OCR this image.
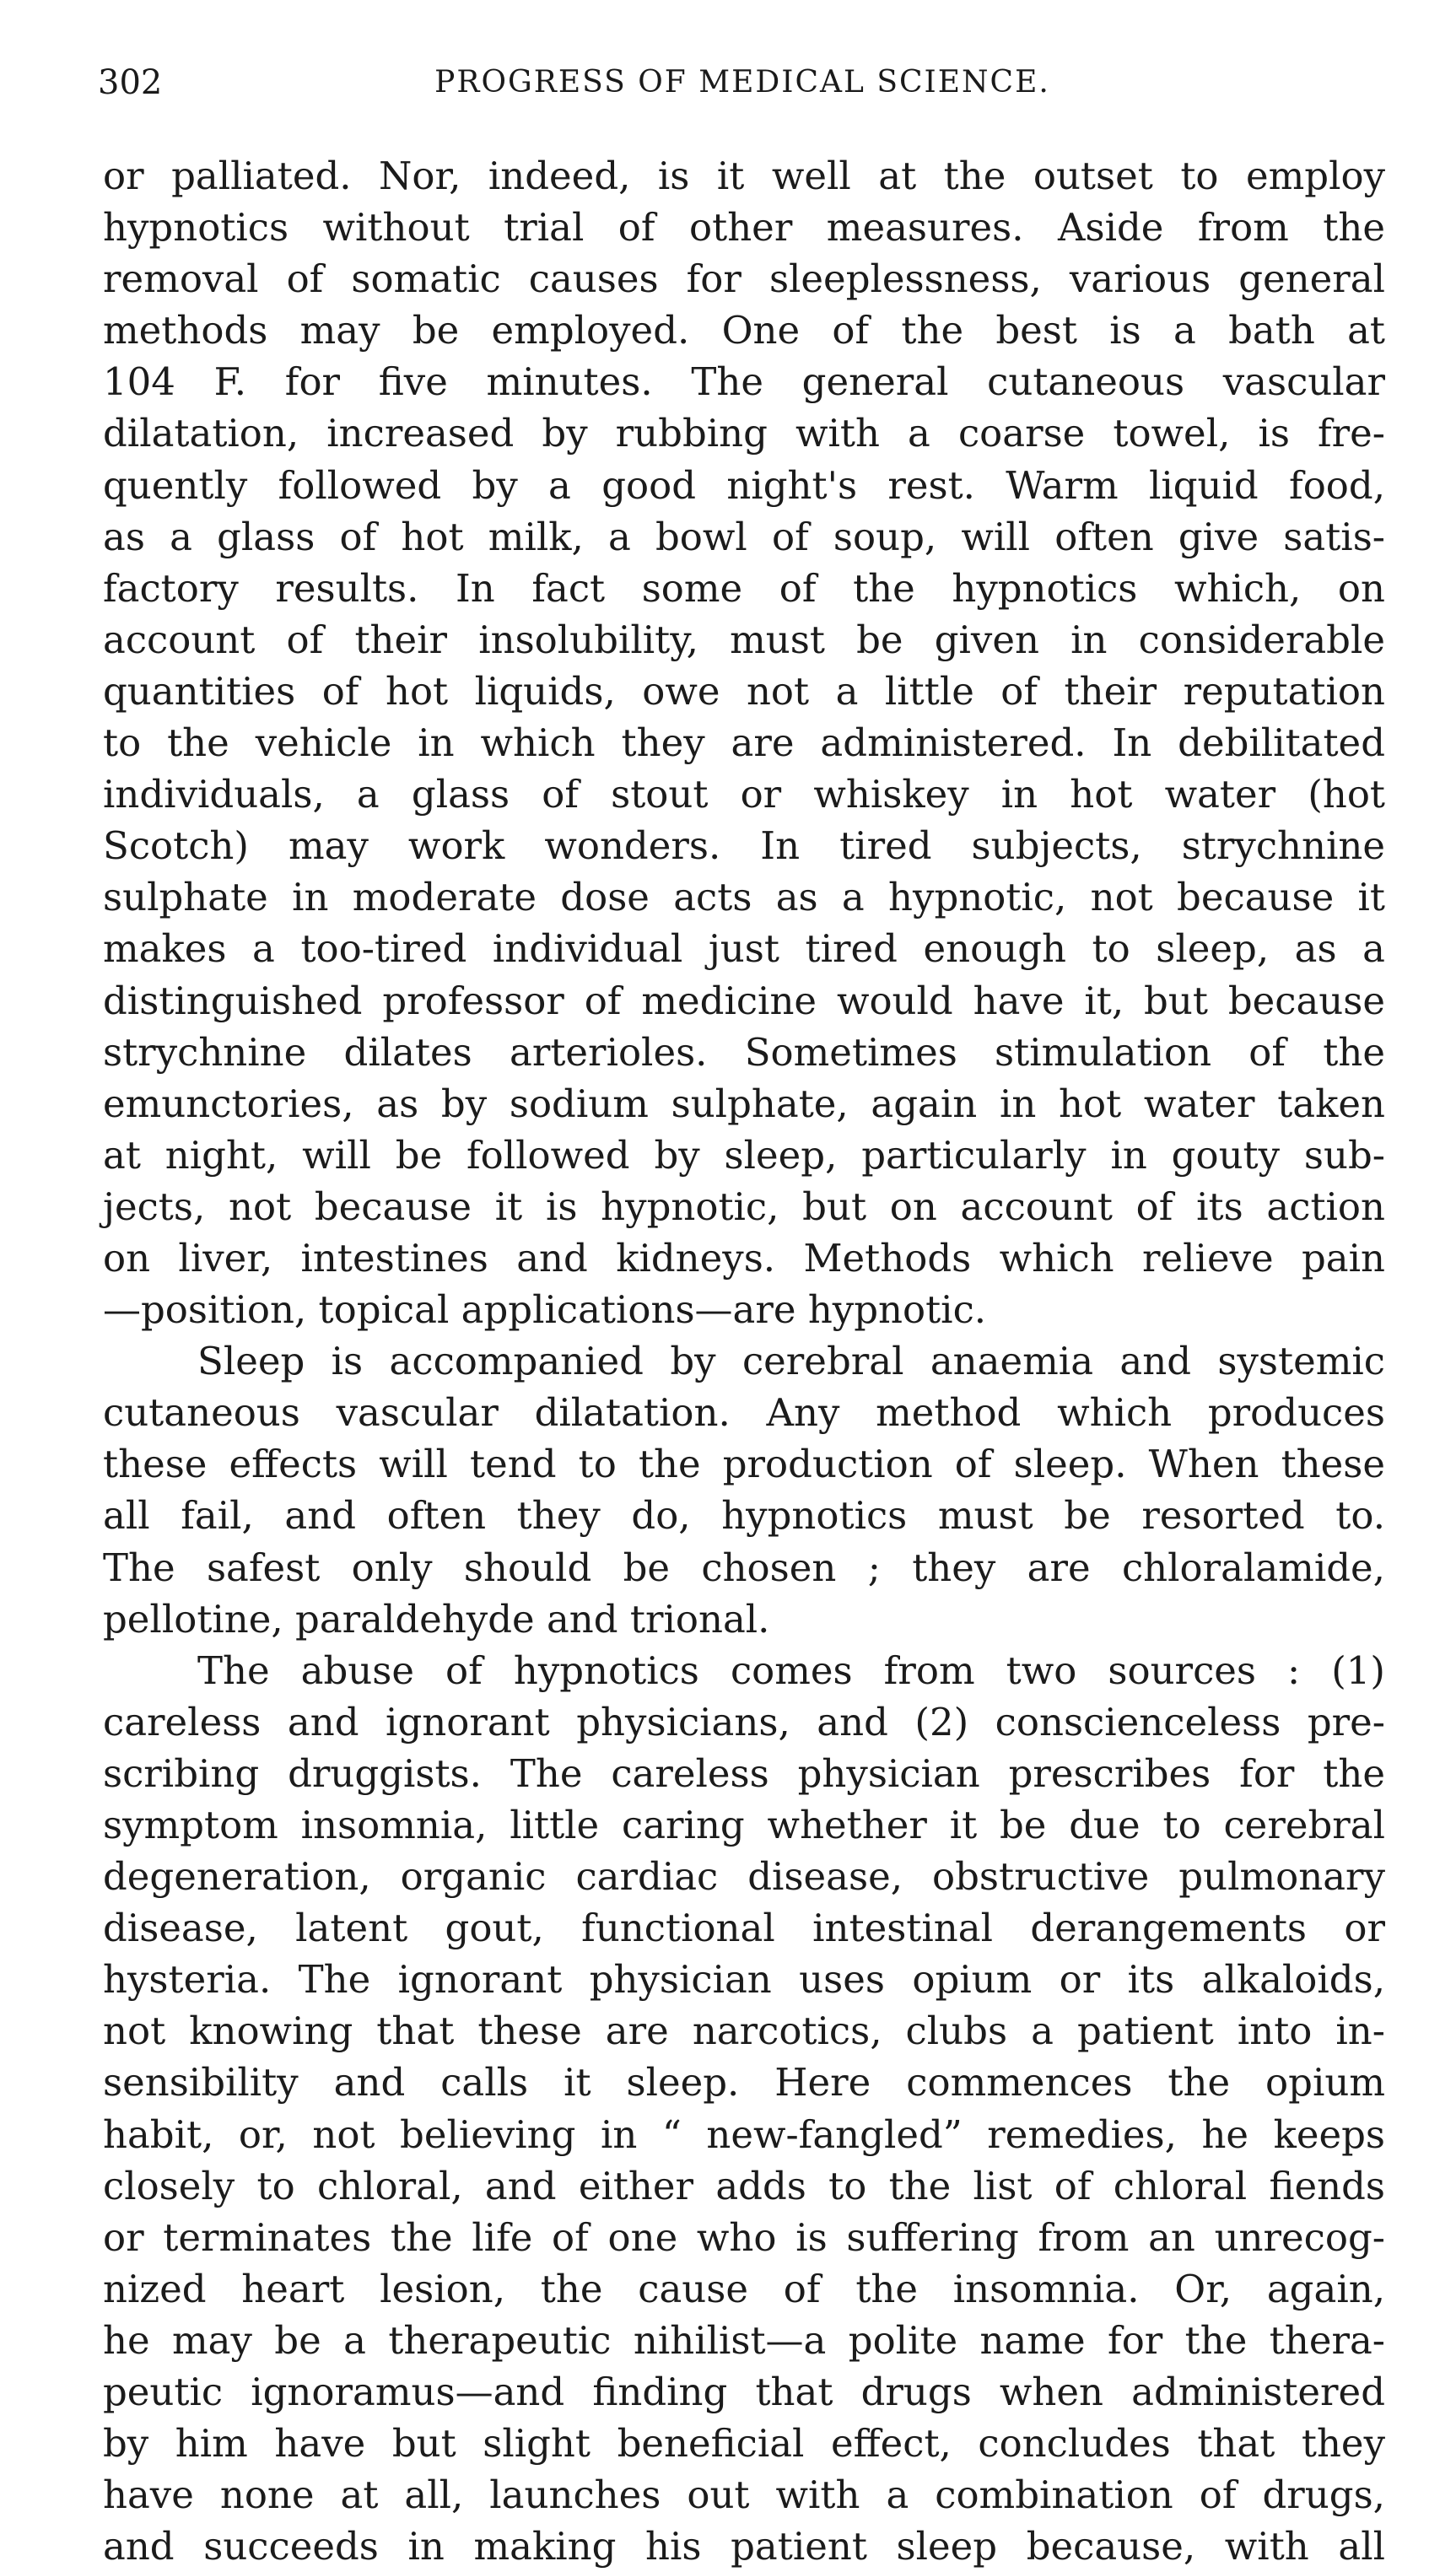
302	PROGRESS OF MEDICAL SCIENCE.
or palliated. Nor, indeed, is it well at the outset to employ
hypnotics without trial of other measures. Aside from the
removal of somatic causes for sleeplessness, various general
methods may be employed. One of the best is a bath at
104 F. for five minutes. The general cutaneous vascular
dilatation, increased by rubbing with a coarse towel, is fre-
quently followed by a good night's rest. Warm liquid food,
as a glass of hot milk, a bowl of soup, will often give satis-
factory results. In fact some of the hypnotics which, on
account of their insolubility, must be given in considerable
quantities of hot liquids, owe not a little of their reputation
to the vehicle in which they are administered. In debilitated
individuals, a glass of stout or whiskey in hot water (hot
Scotch) may work wonders. In tired subjects, strychnine
sulphate in moderate dose acts as a hypnotic, not because it
makes a too-tired individual just tired enough to sleep, as a
distinguished professor of medicine would have it, but because
strychnine dilates arterioles. Sometimes stimulation of the
emunctories, as by sodium sulphate, again in hot water taken
at night, will be followed by sleep, particularly in gouty sub-
jects, not because it is hypnotic, but on account of its action
on liver, intestines and kidneys. Methods which relieve pain
—position, topical applications—are hypnotic.
Sleep is accompanied by cerebral anaemia and systemic
cutaneous vascular dilatation. Any method which produces
these effects will tend to the production of sleep. When these
all fail, and often they do, hypnotics must be resorted to.
The safest only should be chosen ; they are chloralamide,
pellotine, paraldehyde and trional.
The abuse of hypnotics comes from two sources : (1)
careless and ignorant physicians, and (2) conscienceless pre-
scribing druggists. The careless physician prescribes for the
symptom insomnia, little caring whether it be due to cerebral
degeneration, organic cardiac disease, obstructive pulmonary
disease, latent gout, functional intestinal derangements or
hysteria. The ignorant physician uses opium or its alkaloids,
not knowing that these are narcotics, clubs a patient into in-
sensibility and calls it sleep. Here commences the opium
habit, or, not believing in “ new-fangled” remedies, he keeps
closely to chloral, and either adds to the list of chloral fiends
or terminates the life of one who is suffering from an unrecog-
nized heart lesion, the cause of the insomnia. Or, again,
he may be a therapeutic nihilist—a polite name for the thera-
peutic ignoramus—and finding that drugs when administered
by him have but slight beneficial effect, concludes that they
have none at all, launches out with a combination of drugs,
and succeeds in making his patient sleep because, with all
